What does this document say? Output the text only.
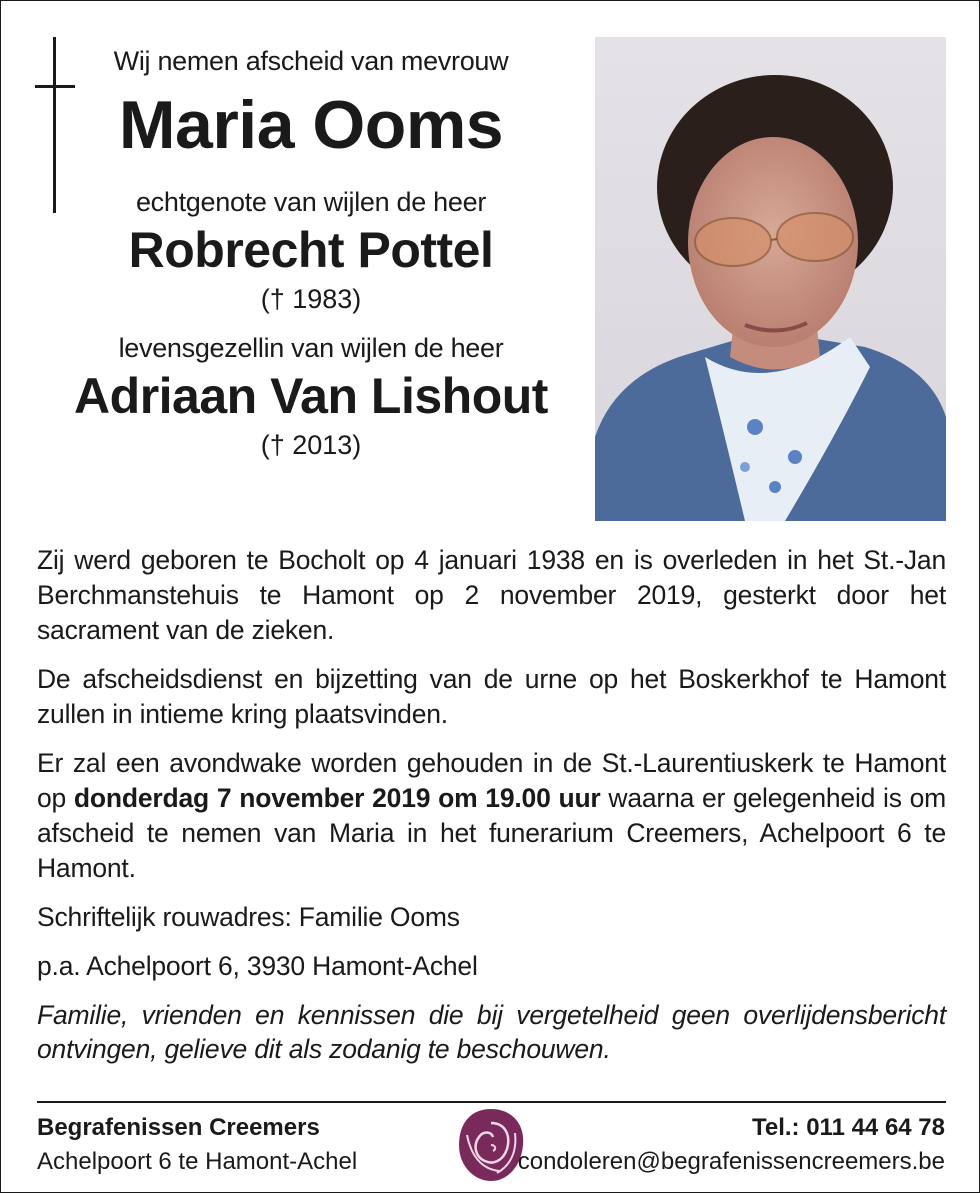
Wij nemen afscheid van mevrouw

Maria Ooms

echtgenote van wijlen de heer

Robrecht Pottel

(† 1983)

levensgezellin van wijlen de heer

Adriaan Van Lishout

(† 2013)

Zij werd geboren te Bocholt op 4 januari 1938 en is overleden in het St.-Jan Berchmanstehuis te Hamont op 2 november 2019, gesterkt door het sacrament van de zieken.

De afscheidsdienst en bijzetting van de urne op het Boskerkhof te Hamont zullen in intieme kring plaatsvinden.

Er zal een avondwake worden gehouden in de St.-Laurentiuskerk te Hamont op donderdag 7 november 2019 om 19.00 uur waarna er gelegenheid is om afscheid te nemen van Maria in het funerarium Creemers, Achelpoort 6 te Hamont.

Schriftelijk rouwadres: Familie Ooms

p.a. Achelpoort 6, 3930 Hamont-Achel

Familie, vrienden en kennissen die bij vergetelheid geen overlijdensbericht ontvingen, gelieve dit als zodanig te beschouwen.

Begrafenissen Creemers
Achelpoort 6 te Hamont-Achel
Tel.: 011 44 64 78
condoleren@begrafenissencreemers.be
